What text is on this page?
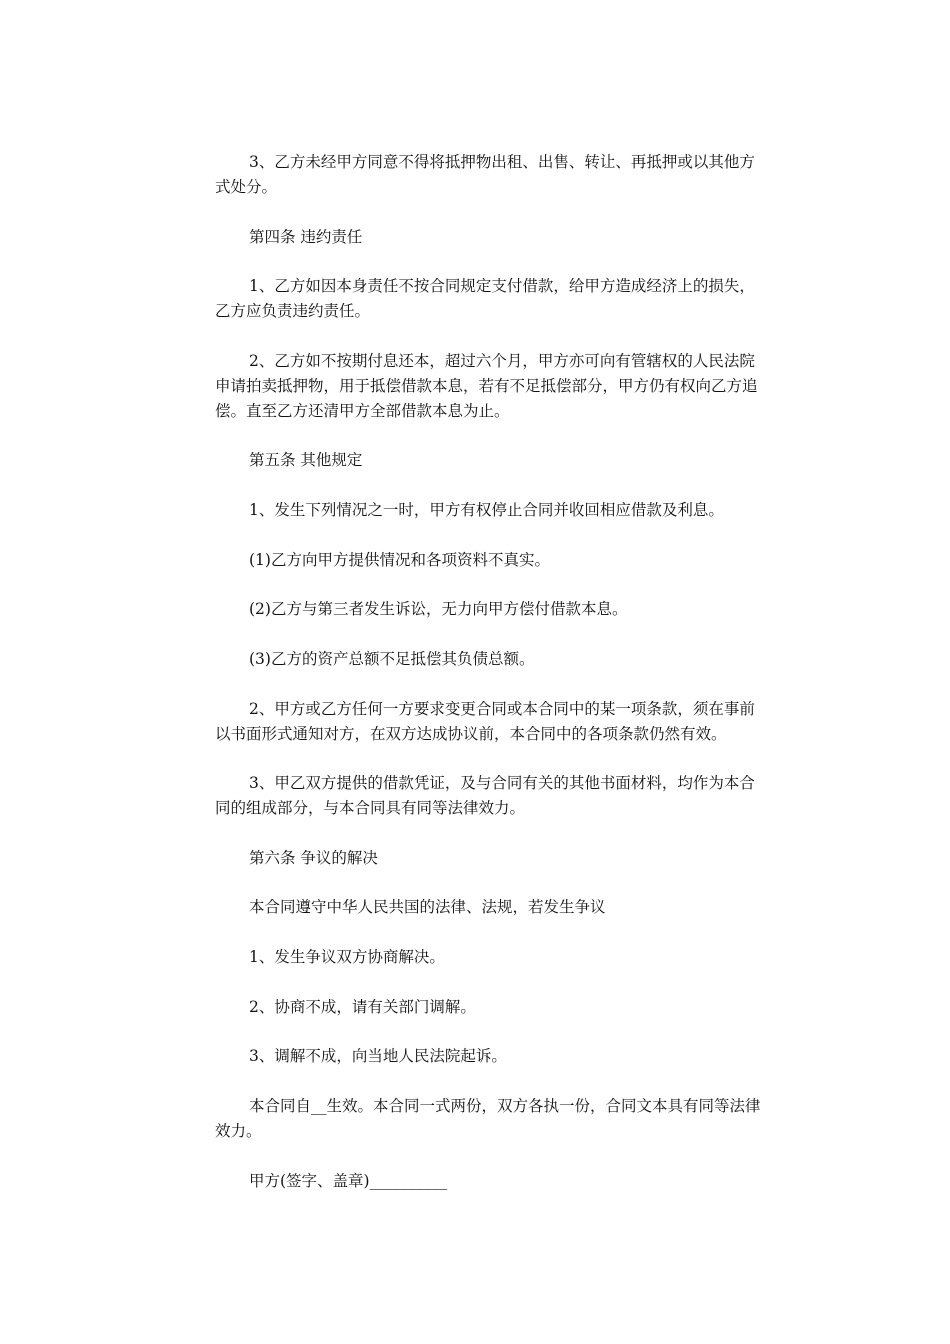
3、乙方未经甲方同意不得将抵押物出租、出售、转让、再抵押或以其他方
式处分。
第四条 违约责任
1、乙方如因本身责任不按合同规定支付借款，给甲方造成经济上的损失，
乙方应负责违约责任。
2、乙方如不按期付息还本，超过六个月，甲方亦可向有管辖权的人民法院
申请拍卖抵押物，用于抵偿借款本息，若有不足抵偿部分，甲方仍有权向乙方追
偿。直至乙方还清甲方全部借款本息为止。
第五条 其他规定
1、发生下列情况之一时，甲方有权停止合同并收回相应借款及利息。
(1)乙方向甲方提供情况和各项资料不真实。
(2)乙方与第三者发生诉讼，无力向甲方偿付借款本息。
(3)乙方的资产总额不足抵偿其负债总额。
2、甲方或乙方任何一方要求变更合同或本合同中的某一项条款，须在事前
以书面形式通知对方，在双方达成协议前，本合同中的各项条款仍然有效。
3、甲乙双方提供的借款凭证，及与合同有关的其他书面材料，均作为本合
同的组成部分，与本合同具有同等法律效力。
第六条 争议的解决
本合同遵守中华人民共国的法律、法规，若发生争议
1、发生争议双方协商解决。
2、协商不成，请有关部门调解。
3、调解不成，向当地人民法院起诉。
本合同自__生效。本合同一式两份，双方各执一份，合同文本具有同等法律
效力。
甲方(签字、盖章)__________
